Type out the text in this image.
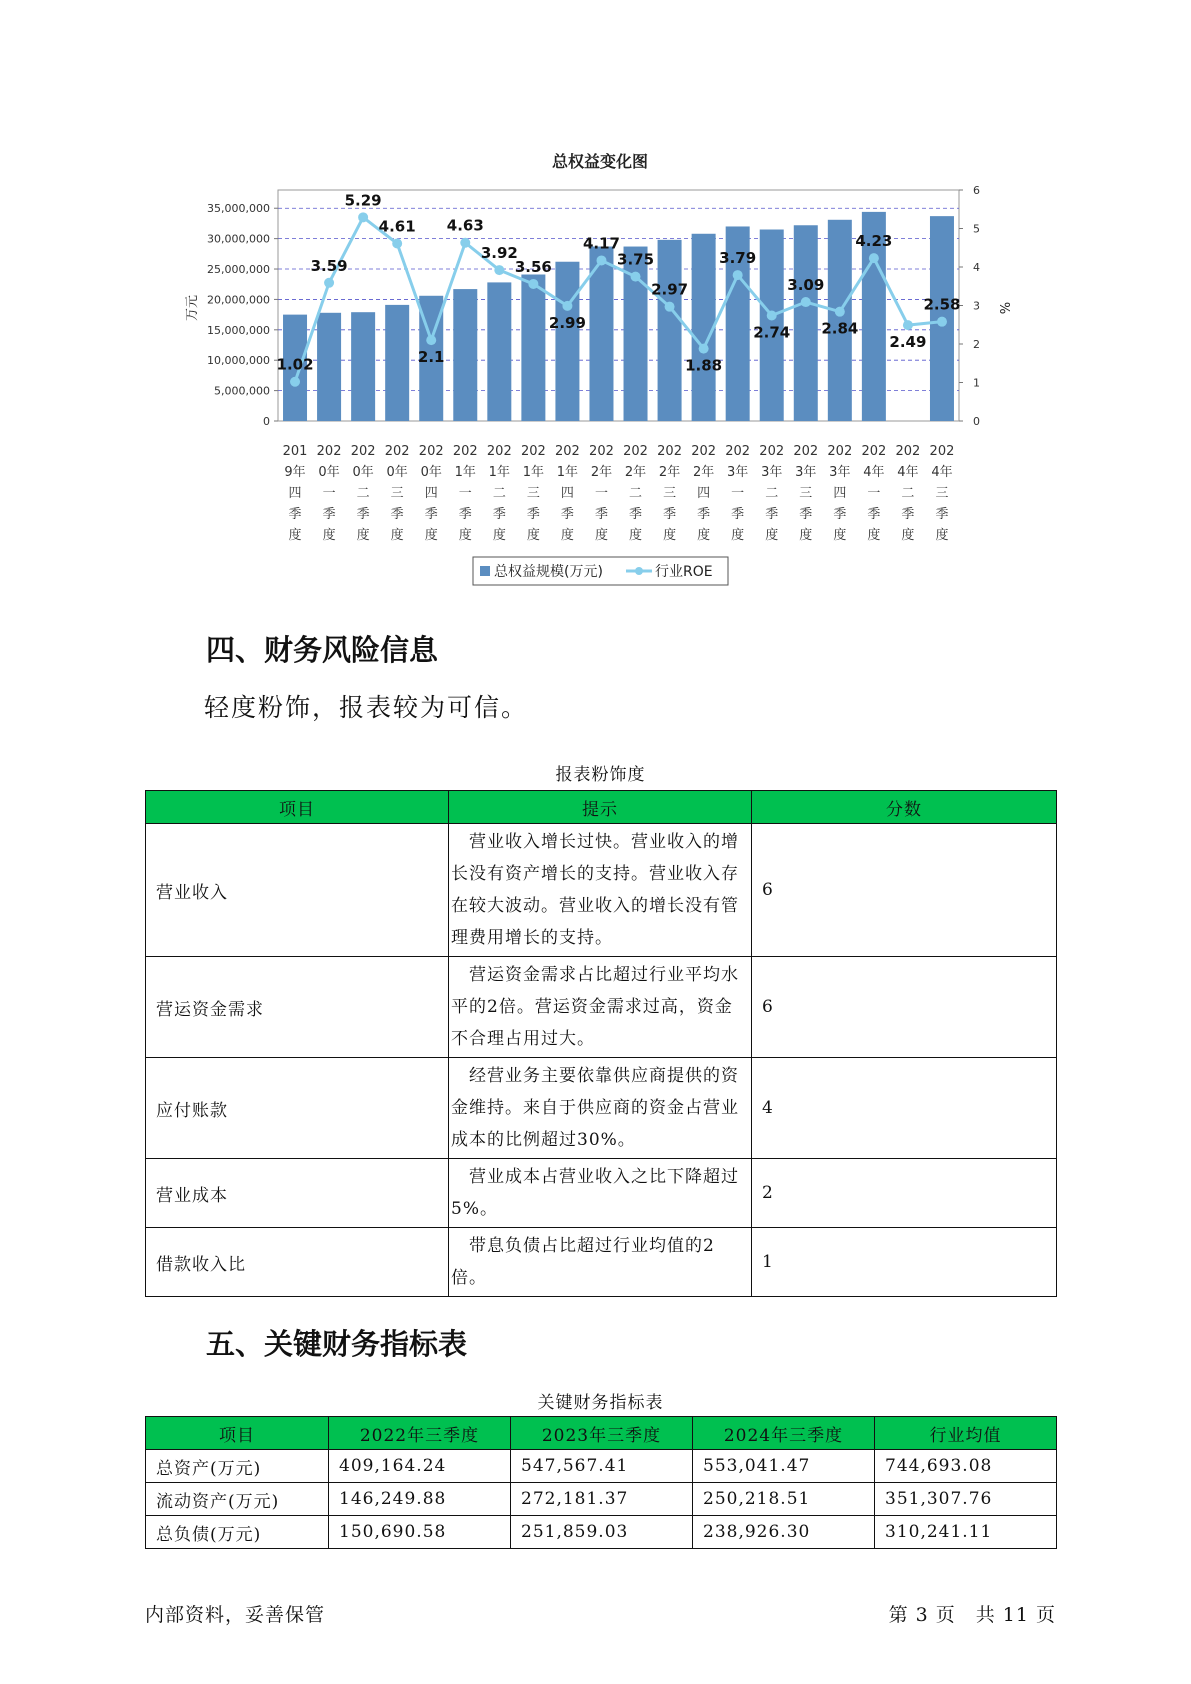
总权益变化图
0
5,000,000
10,000,000
15,000,000
20,000,000
25,000,000
30,000,000
35,000,000
0
1
2
3
4
5
6
万元	%
201
9年
四
季
度
202
0年
一
季
度
202
0年
二
季
度
202
0年
三
季
度
202
0年
四
季
度
202
1年
一
季
度
202
1年
二
季
度
202
1年
三
季
度
202
1年
四
季
度
202
2年
一
季
度
202
2年
二
季
度
202
2年
三
季
度
202
2年
四
季
度
202
3年
一
季
度
202
3年
二
季
度
202
3年
三
季
度
202
3年
四
季
度
202
4年
一
季
度
202
4年
二
季
度
202
4年
三
季
度
1.02
3.59
5.29
4.61
2.1
4.63
3.92
3.56
2.99
4.17
3.75
2.97
1.88
3.79
2.74
3.09
2.84
4.23
2.49
2.58
总权益规模(万元)	行业ROE
四、财务风险信息

轻度粉饰，报表较为可信。

报表粉饰度
项目	提示	分数
营业收入	　营业收入增长过快。营业收入的增长没有资产增长的支持。营业收入存在较大波动。营业收入的增长没有管理费用增长的支持。	6
营运资金需求	　营运资金需求占比超过行业平均水平的2倍。营运资金需求过高，资金不合理占用过大。	6
应付账款	　经营业务主要依靠供应商提供的资金维持。来自于供应商的资金占营业成本的比例超过30%。	4
营业成本	　营业成本占营业收入之比下降超过5%。	2
借款收入比	　带息负债占比超过行业均值的2倍。	1
五、关键财务指标表
关键财务指标表
项目	2022年三季度	2023年三季度	2024年三季度	行业均值
总资产(万元)	409,164.24	547,567.41	553,041.47	744,693.08
流动资产(万元)	146,249.88	272,181.37	250,218.51	351,307.76
总负债(万元)	150,690.58	251,859.03	238,926.30	310,241.11
内部资料，妥善保管	第 3 页　共 11 页
